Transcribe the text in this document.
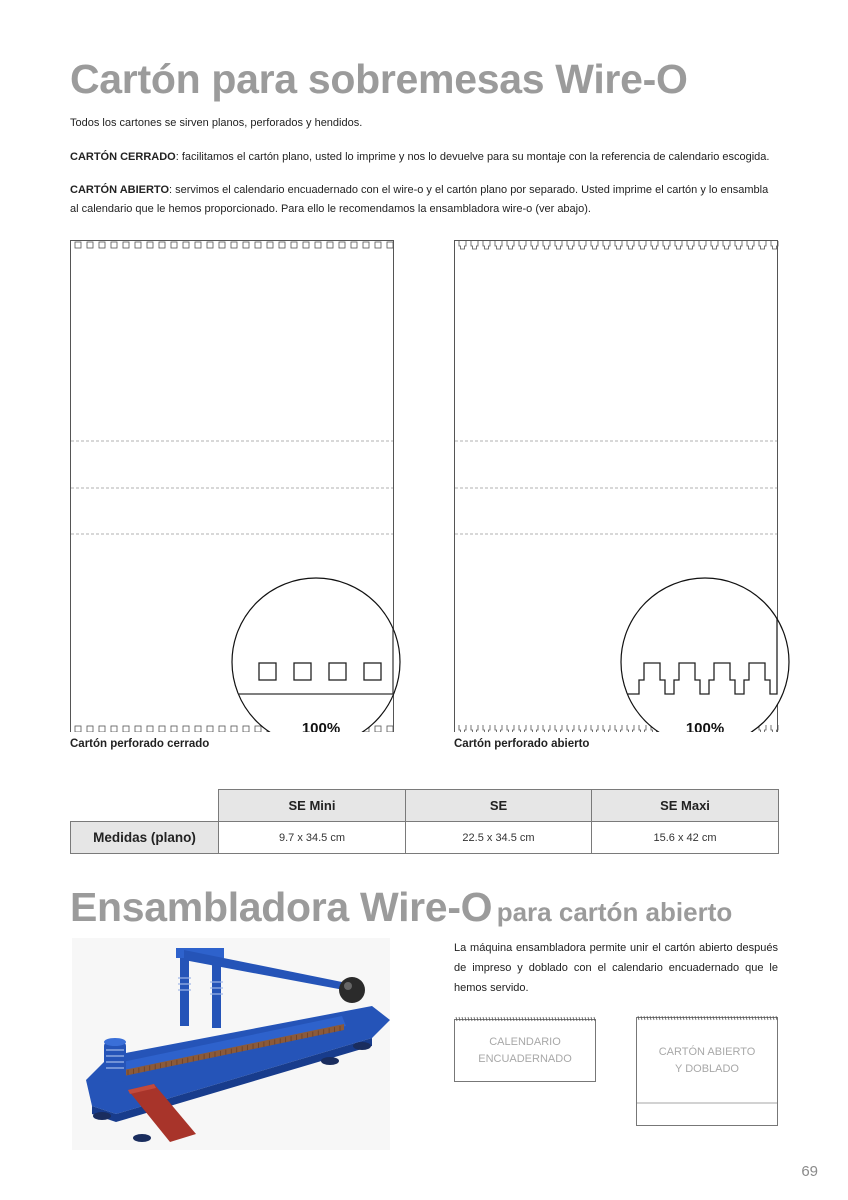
Cartón para sobremesas Wire-O

Todos los cartones se sirven planos, perforados y hendidos.

CARTÓN CERRADO: facilitamos el cartón plano, usted lo imprime y nos lo devuelve para su montaje con la referencia de calendario escogida.

CARTÓN ABIERTO: servimos el calendario encuadernado con el wire-o y el cartón plano por separado. Usted imprime el cartón y lo ensambla al calendario que le hemos proporcionado. Para ello le recomendamos la ensambladora wire-o (ver abajo).

100%
Cartón perforado cerrado
100%
Cartón perforado abierto
	SE Mini	SE	SE Maxi
Medidas (plano)	9.7 x 34.5 cm	22.5 x 34.5 cm	15.6 x 42 cm
Ensambladora Wire-O para cartón abierto

La máquina ensambladora permite unir el cartón abierto después de impreso y doblado con el calendario encuadernado que le hemos servido.

CALENDARIO
ENCUADERNADO
CARTÓN ABIERTO
Y DOBLADO
69
